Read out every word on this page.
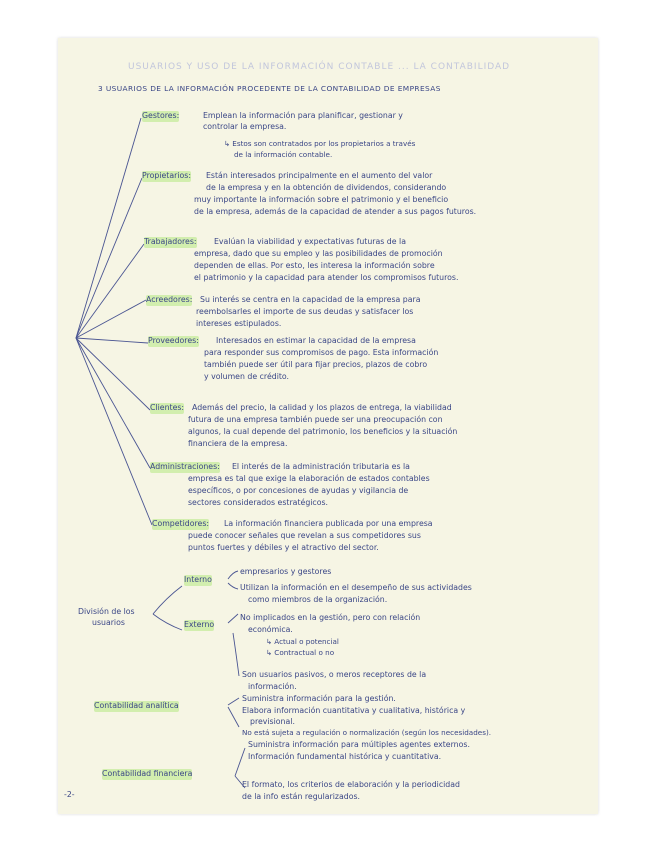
USUARIOS Y USO DE LA INFORMACIÓN CONTABLE ... LA CONTABILIDAD

3 USUARIOS DE LA INFORMACIÓN PROCEDENTE DE LA CONTABILIDAD DE EMPRESAS

Gestores:	Emplean la información para planificar, gestionar y

controlar la empresa.

↳ Estos son contratados por los propietarios a través

de la información contable.

Propietarios: Están interesados principalmente en el aumento del valor

de la empresa y en la obtención de dividendos, considerando

muy importante la información sobre el patrimonio y el beneficio

de la empresa, además de la capacidad de atender a sus pagos futuros.

Trabajadores: Evalúan la viabilidad y expectativas futuras de la

empresa, dado que su empleo y las posibilidades de promoción

dependen de ellas. Por esto, les interesa la información sobre

el patrimonio y la capacidad para atender los compromisos futuros.

Acreedores: Su interés se centra en la capacidad de la empresa para

reembolsarles el importe de sus deudas y satisfacer los

intereses estipulados.

Proveedores: Interesados en estimar la capacidad de la empresa

para responder sus compromisos de pago. Esta información

también puede ser útil para fijar precios, plazos de cobro

y volumen de crédito.

Clientes: Además del precio, la calidad y los plazos de entrega, la viabilidad

futura de una empresa también puede ser una preocupación con

algunos, la cual depende del patrimonio, los beneficios y la situación

financiera de la empresa.

Administraciones: El interés de la administración tributaria es la

empresa es tal que exige la elaboración de estados contables

específicos, o por concesiones de ayudas y vigilancia de

sectores considerados estratégicos.

Competidores: La información financiera publicada por una empresa

puede conocer señales que revelan a sus competidores sus

puntos fuertes y débiles y el atractivo del sector.

División de los

usuarios

Interno

empresarios y gestores

Utilizan la información en el desempeño de sus actividades

como miembros de la organización.

Externo

No implicados en la gestión, pero con relación

económica.

↳ Actual o potencial

↳ Contractual o no

Son usuarios pasivos, o meros receptores de la

información.

Contabilidad analítica

Suministra información para la gestión.

Elabora información cuantitativa y cualitativa, histórica y

previsional.

No está sujeta a regulación o normalización (según los necesidades).

Contabilidad financiera

Suministra información para múltiples agentes externos.

Información fundamental histórica y cuantitativa.

El formato, los criterios de elaboración y la periodicidad

de la info están regularizados.

-2-
